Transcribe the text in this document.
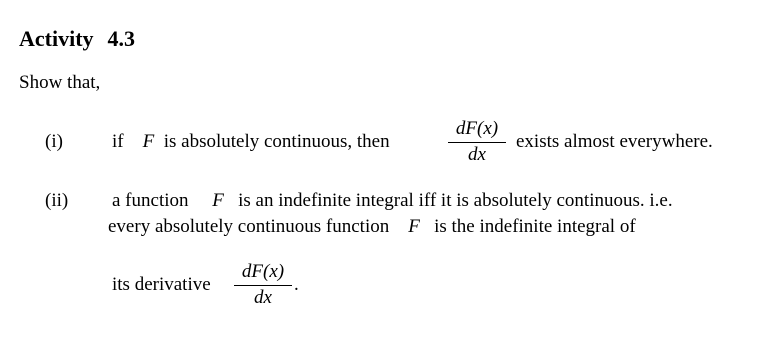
Activity 4.3
Show that,
(i)	if F is absolutely continuous, then
dF(x)
dx
exists almost everywhere.
(ii) a function F is an indefinite integral iff it is absolutely continuous. i.e.
every absolutely continuous function F is the indefinite integral of
its derivative
dF(x)
dx
.
